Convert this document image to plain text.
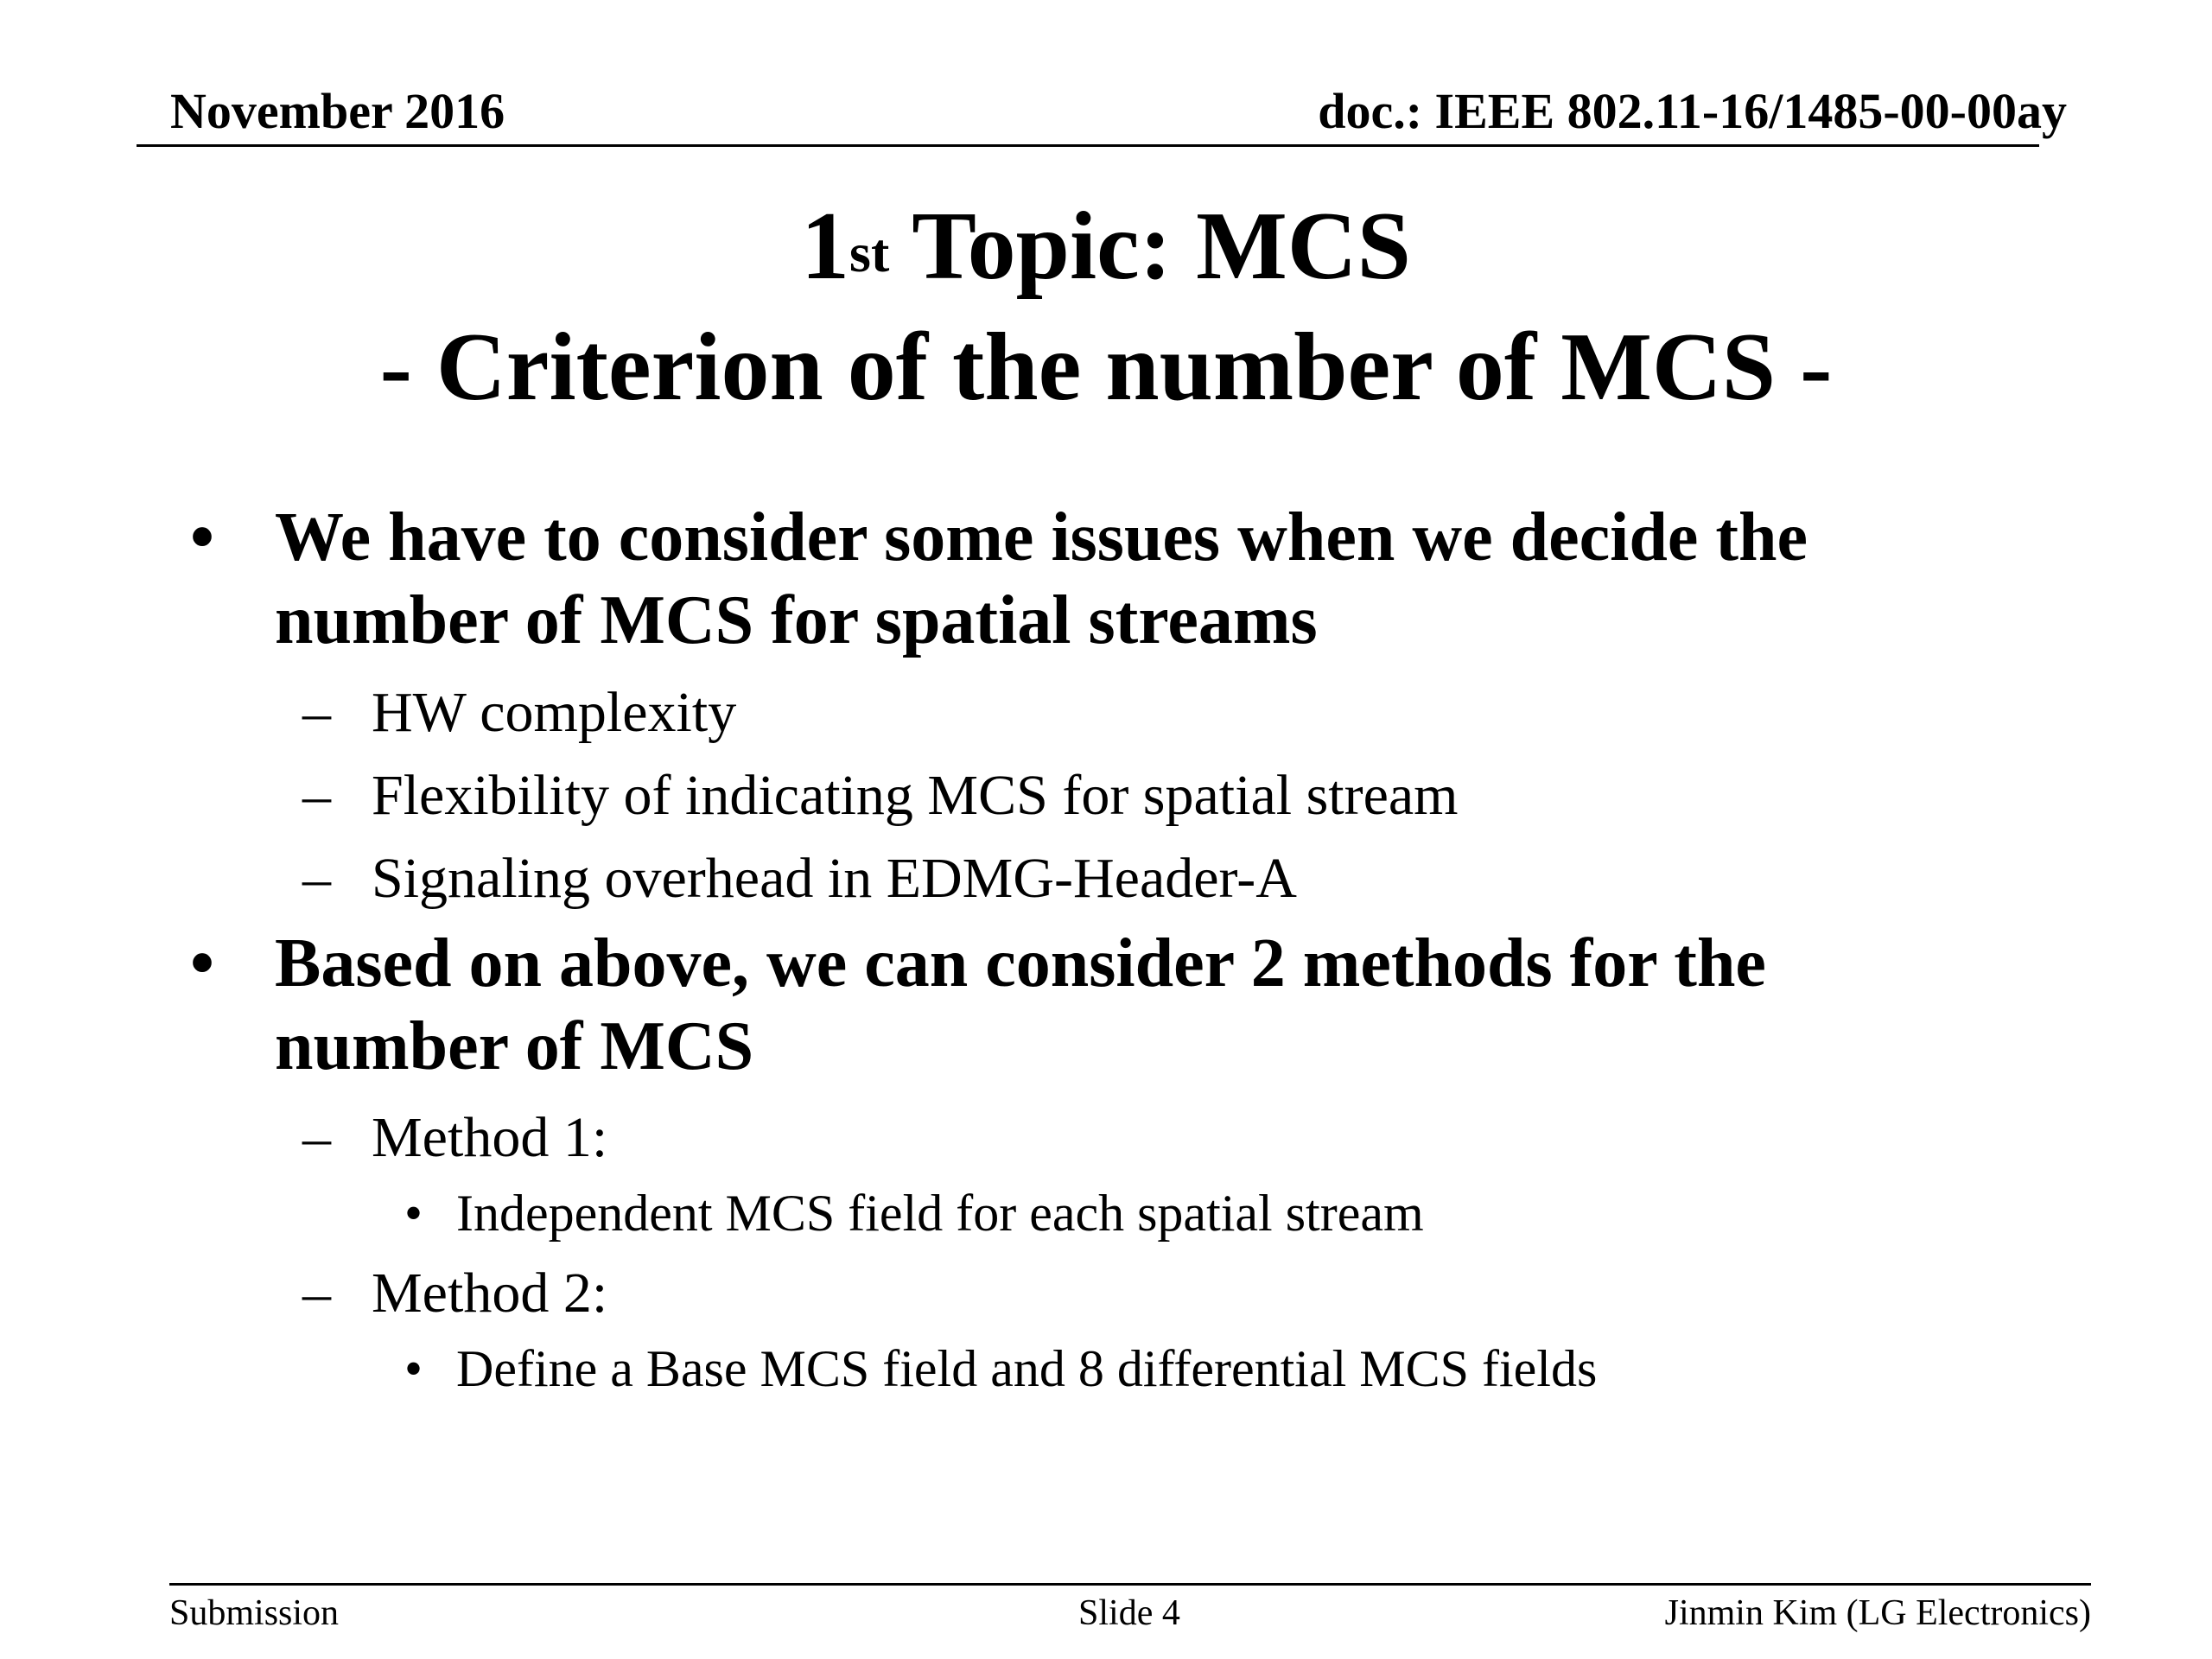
November 2016	doc.: IEEE 802.11-16/1485-00-00ay
1st Topic: MCS
- Criterion of the number of MCS -
• We have to consider some issues when we decide the number of MCS for spatial streams
– HW complexity
– Flexibility of indicating MCS for spatial stream
– Signaling overhead in EDMG-Header-A
• Based on above, we can consider 2 methods for the number of MCS
– Method 1:
• Independent MCS field for each spatial stream
– Method 2:
• Define a Base MCS field and 8 differential MCS fields
Submission	Slide 4	Jinmin Kim (LG Electronics)
